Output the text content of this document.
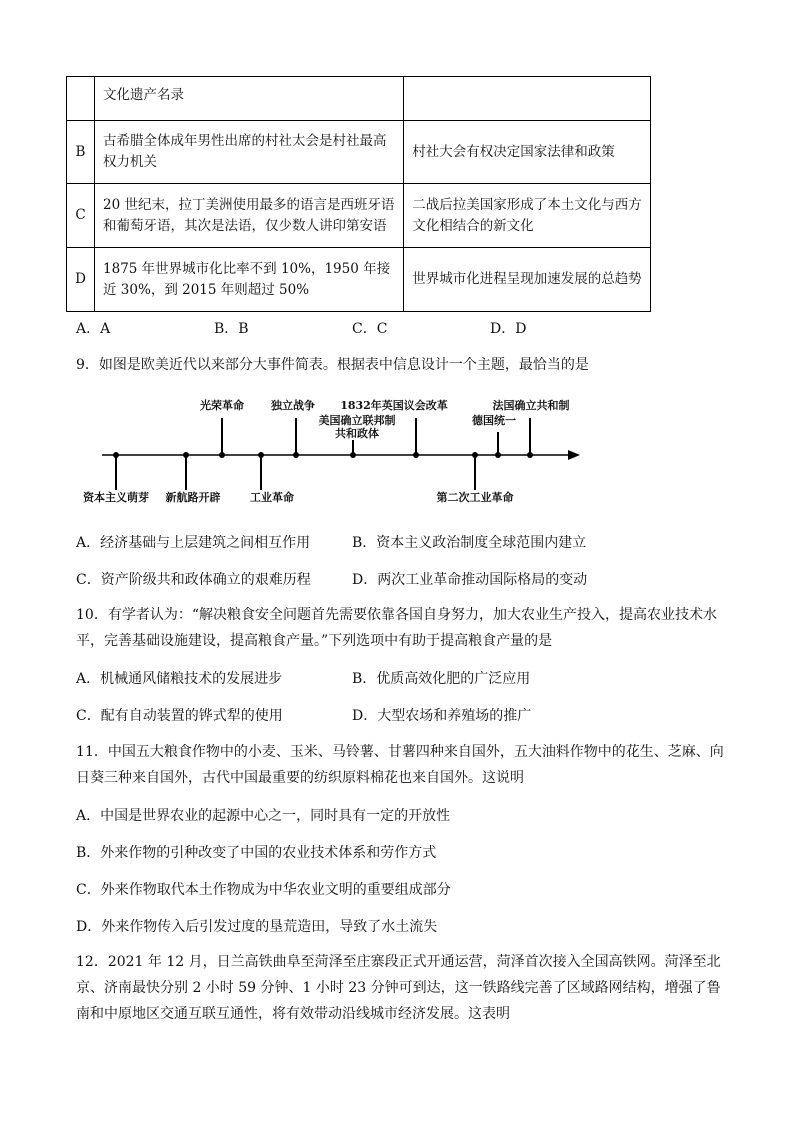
	文化遗产名录	
B	古希腊全体成年男性出席的村社太会是村社最高权力机关	村社大会有权决定国家法律和政策
C	20 世纪末，拉丁美洲使用最多的语言是西班牙语和葡萄牙语，其次是法语，仅少数人讲印第安语	二战后拉美国家形成了本土文化与西方文化相结合的新文化
D	1875 年世界城市化比率不到 10%，1950 年接近 30%，到 2015 年则超过 50%	世界城市化进程呈现加速发展的总趋势
A．A	B．B	C．C	D．D
9．如图是欧美近代以来部分大事件简表。根据表中信息设计一个主题，最恰当的是
光荣革命 独立战争 1832年英国议会改革	法国确立共和制
美国确立联邦制
共和政体
德国统一
资本主义萌芽 新航路开辟	工业革命	第二次工业革命
A．经济基础与上层建筑之间相互作用	B．资本主义政治制度全球范围内建立
C．资产阶级共和政体确立的艰难历程	D．两次工业革命推动国际格局的变动
10．有学者认为：“解决粮食安全问题首先需要依靠各国自身努力，加大农业生产投入，提高农业技术水平，完善基础设施建设，提高粮食产量。”下列选项中有助于提高粮食产量的是
A．机械通风储粮技术的发展进步	B．优质高效化肥的广泛应用
C．配有自动装置的铧式犁的使用	D．大型农场和养殖场的推广
11．中国五大粮食作物中的小麦、玉米、马铃薯、甘薯四种来自国外，五大油料作物中的花生、芝麻、向日葵三种来自国外，古代中国最重要的纺织原料棉花也来自国外。这说明
A．中国是世界农业的起源中心之一，同时具有一定的开放性
B．外来作物的引种改变了中国的农业技术体系和劳作方式
C．外来作物取代本土作物成为中华农业文明的重要组成部分
D．外来作物传入后引发过度的垦荒造田，导致了水土流失
12．2021 年 12 月，日兰高铁曲阜至菏泽至庄寨段正式开通运营，菏泽首次接入全国高铁网。菏泽至北京、济南最快分别 2 小时 59 分钟、1 小时 23 分钟可到达，这一铁路线完善了区域路网结构，增强了鲁南和中原地区交通互联互通性，将有效带动沿线城市经济发展。这表明
